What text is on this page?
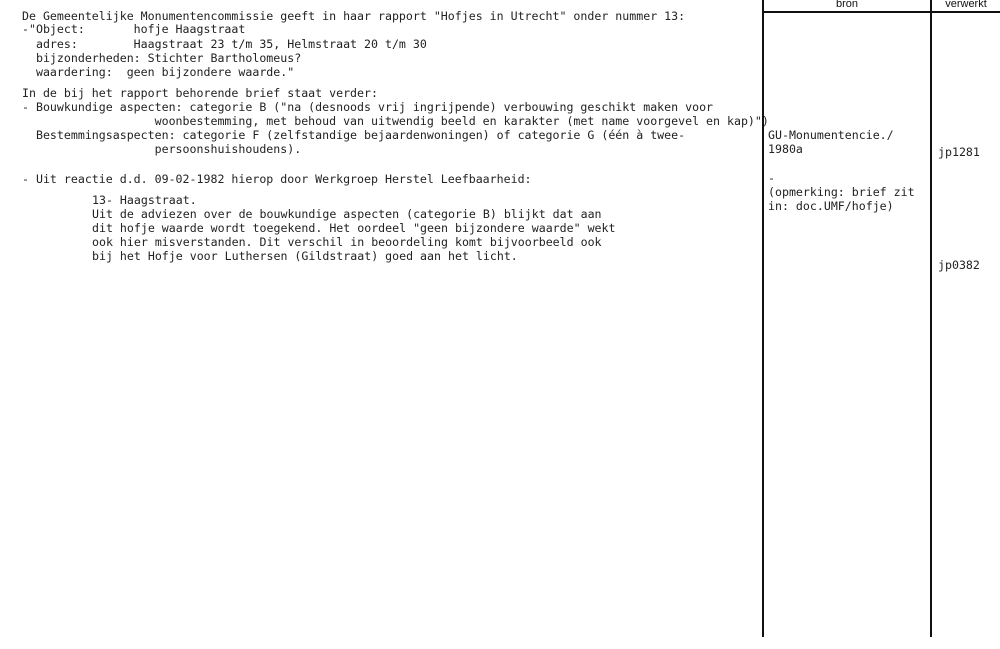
bron	verwerkt
De Gemeentelijke Monumentencommissie geeft in haar rapport "Hofjes in Utrecht" onder nummer 13:
-"Object:       hofje Haagstraat
adres:        Haagstraat 23 t/m 35, Helmstraat 20 t/m 30
bijzonderheden: Stichter Bartholomeus?
waardering:  geen bijzondere waarde."
In de bij het rapport behorende brief staat verder:
- Bouwkundige aspecten: categorie B ("na (desnoods vrij ingrijpende) verbouwing geschikt maken voor
woonbestemming, met behoud van uitwendig beeld en karakter (met name voorgevel en kap)")
Bestemmingsaspecten: categorie F (zelfstandige bejaardenwoningen) of categorie G (één à twee-
persoonshuishoudens).
- Uit reactie d.d. 09-02-1982 hierop door Werkgroep Herstel Leefbaarheid:
13- Haagstraat.
Uit de adviezen over de bouwkundige aspecten (categorie B) blijkt dat aan
dit hofje waarde wordt toegekend. Het oordeel "geen bijzondere waarde" wekt
ook hier misverstanden. Dit verschil in beoordeling komt bijvoorbeeld ook
bij het Hofje voor Luthersen (Gildstraat) goed aan het licht.
GU-Monumentencie./
1980a
-
(opmerking: brief zit
in: doc.UMF/hofje)
jp1281
jp0382
